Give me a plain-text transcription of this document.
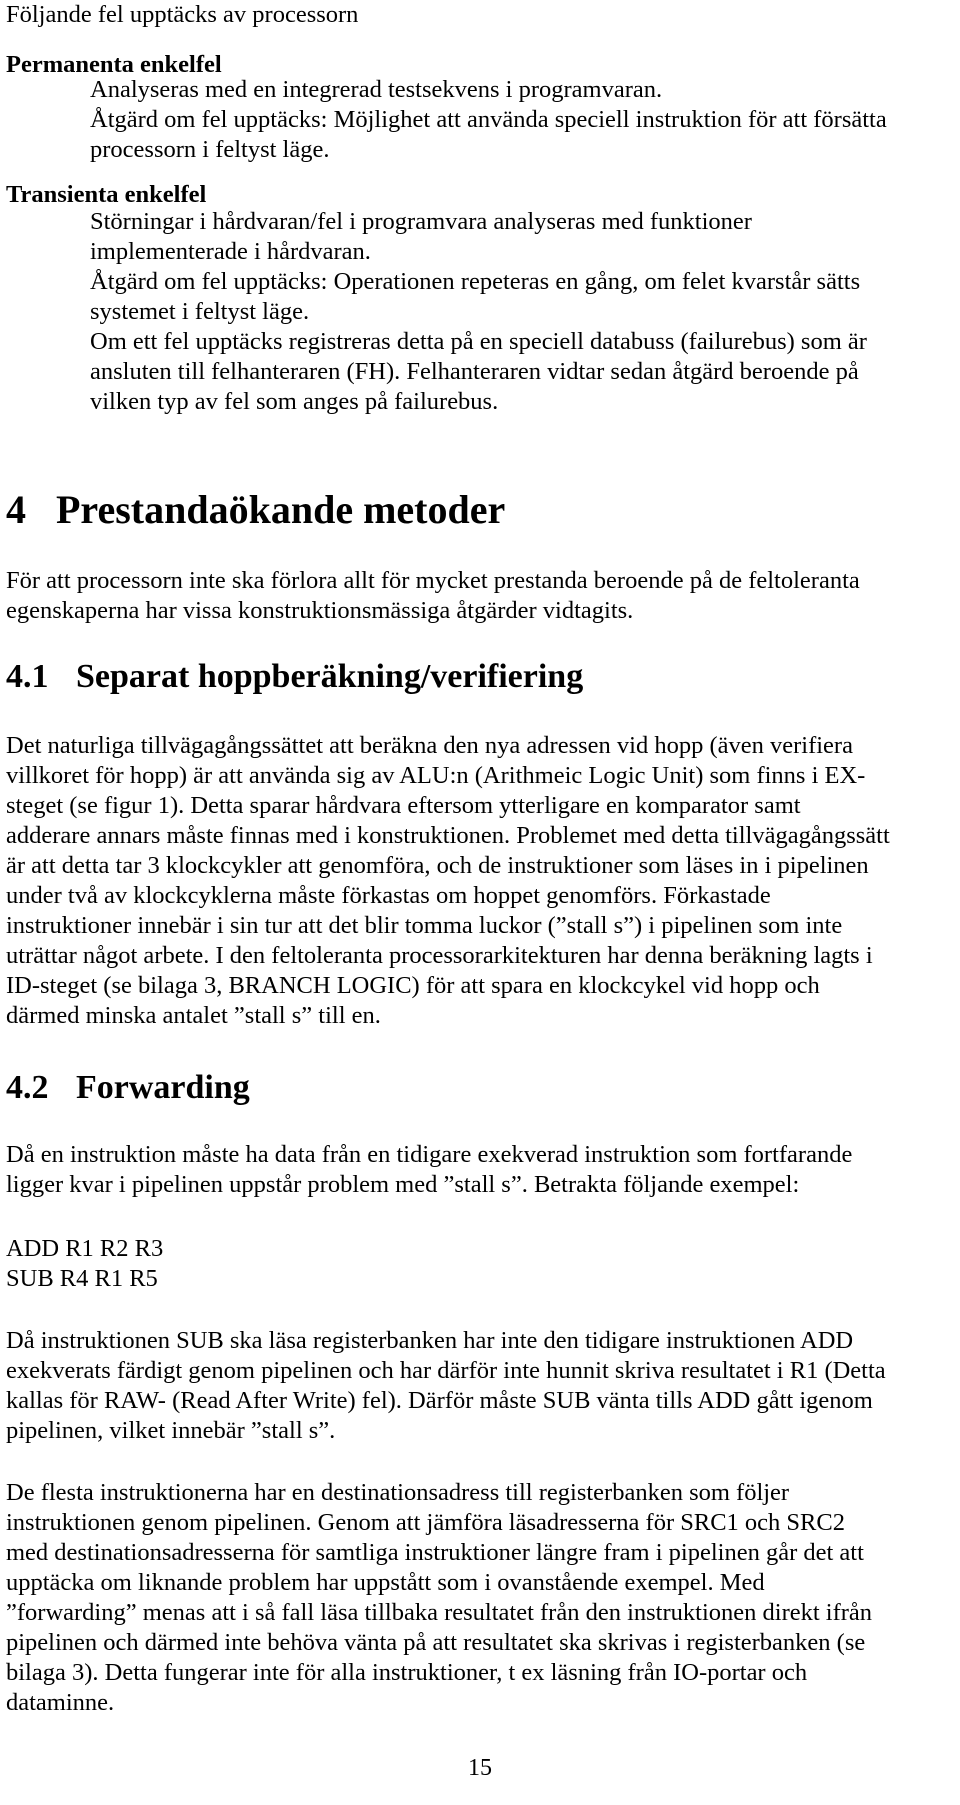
Följande fel upptäcks av processorn

Permanenta enkelfel

Analyseras med en integrerad testsekvens i programvaran.
Åtgärd om fel upptäcks: Möjlighet att använda speciell instruktion för att försätta
processorn i feltyst läge.

Transienta enkelfel

Störningar i hårdvaran/fel i programvara analyseras med funktioner
implementerade i hårdvaran.
Åtgärd om fel upptäcks: Operationen repeteras en gång, om felet kvarstår sätts
systemet i feltyst läge.
Om ett fel upptäcks registreras detta på en speciell databuss (failurebus) som är
ansluten till felhanteraren (FH). Felhanteraren vidtar sedan åtgärd beroende på
vilken typ av fel som anges på failurebus.

4 Prestandaökande metoder

För att processorn inte ska förlora allt för mycket prestanda beroende på de feltoleranta
egenskaperna har vissa konstruktionsmässiga åtgärder vidtagits.

4.1 Separat hoppberäkning/verifiering

Det naturliga tillvägagångssättet att beräkna den nya adressen vid hopp (även verifiera
villkoret för hopp) är att använda sig av ALU:n (Arithmeic Logic Unit) som finns i EX-
steget (se figur 1). Detta sparar hårdvara eftersom ytterligare en komparator samt
adderare annars måste finnas med i konstruktionen. Problemet med detta tillvägagångssätt
är att detta tar 3 klockcykler att genomföra, och de instruktioner som läses in i pipelinen
under två av klockcyklerna måste förkastas om hoppet genomförs. Förkastade
instruktioner innebär i sin tur att det blir tomma luckor (”stall s”) i pipelinen som inte
uträttar något arbete. I den feltoleranta processorarkitekturen har denna beräkning lagts i
ID-steget (se bilaga 3, BRANCH LOGIC) för att spara en klockcykel vid hopp och
därmed minska antalet ”stall s” till en.

4.2 Forwarding

Då en instruktion måste ha data från en tidigare exekverad instruktion som fortfarande
ligger kvar i pipelinen uppstår problem med ”stall s”. Betrakta följande exempel:

ADD R1 R2 R3
SUB R4 R1 R5

Då instruktionen SUB ska läsa registerbanken har inte den tidigare instruktionen ADD
exekverats färdigt genom pipelinen och har därför inte hunnit skriva resultatet i R1 (Detta
kallas för RAW- (Read After Write) fel). Därför måste SUB vänta tills ADD gått igenom
pipelinen, vilket innebär ”stall s”.

De flesta instruktionerna har en destinationsadress till registerbanken som följer
instruktionen genom pipelinen. Genom att jämföra läsadresserna för SRC1 och SRC2
med destinationsadresserna för samtliga instruktioner längre fram i pipelinen går det att
upptäcka om liknande problem har uppstått som i ovanstående exempel. Med
”forwarding” menas att i så fall läsa tillbaka resultatet från den instruktionen direkt ifrån
pipelinen och därmed inte behöva vänta på att resultatet ska skrivas i registerbanken (se
bilaga 3). Detta fungerar inte för alla instruktioner, t ex läsning från IO-portar och
dataminne.

15
